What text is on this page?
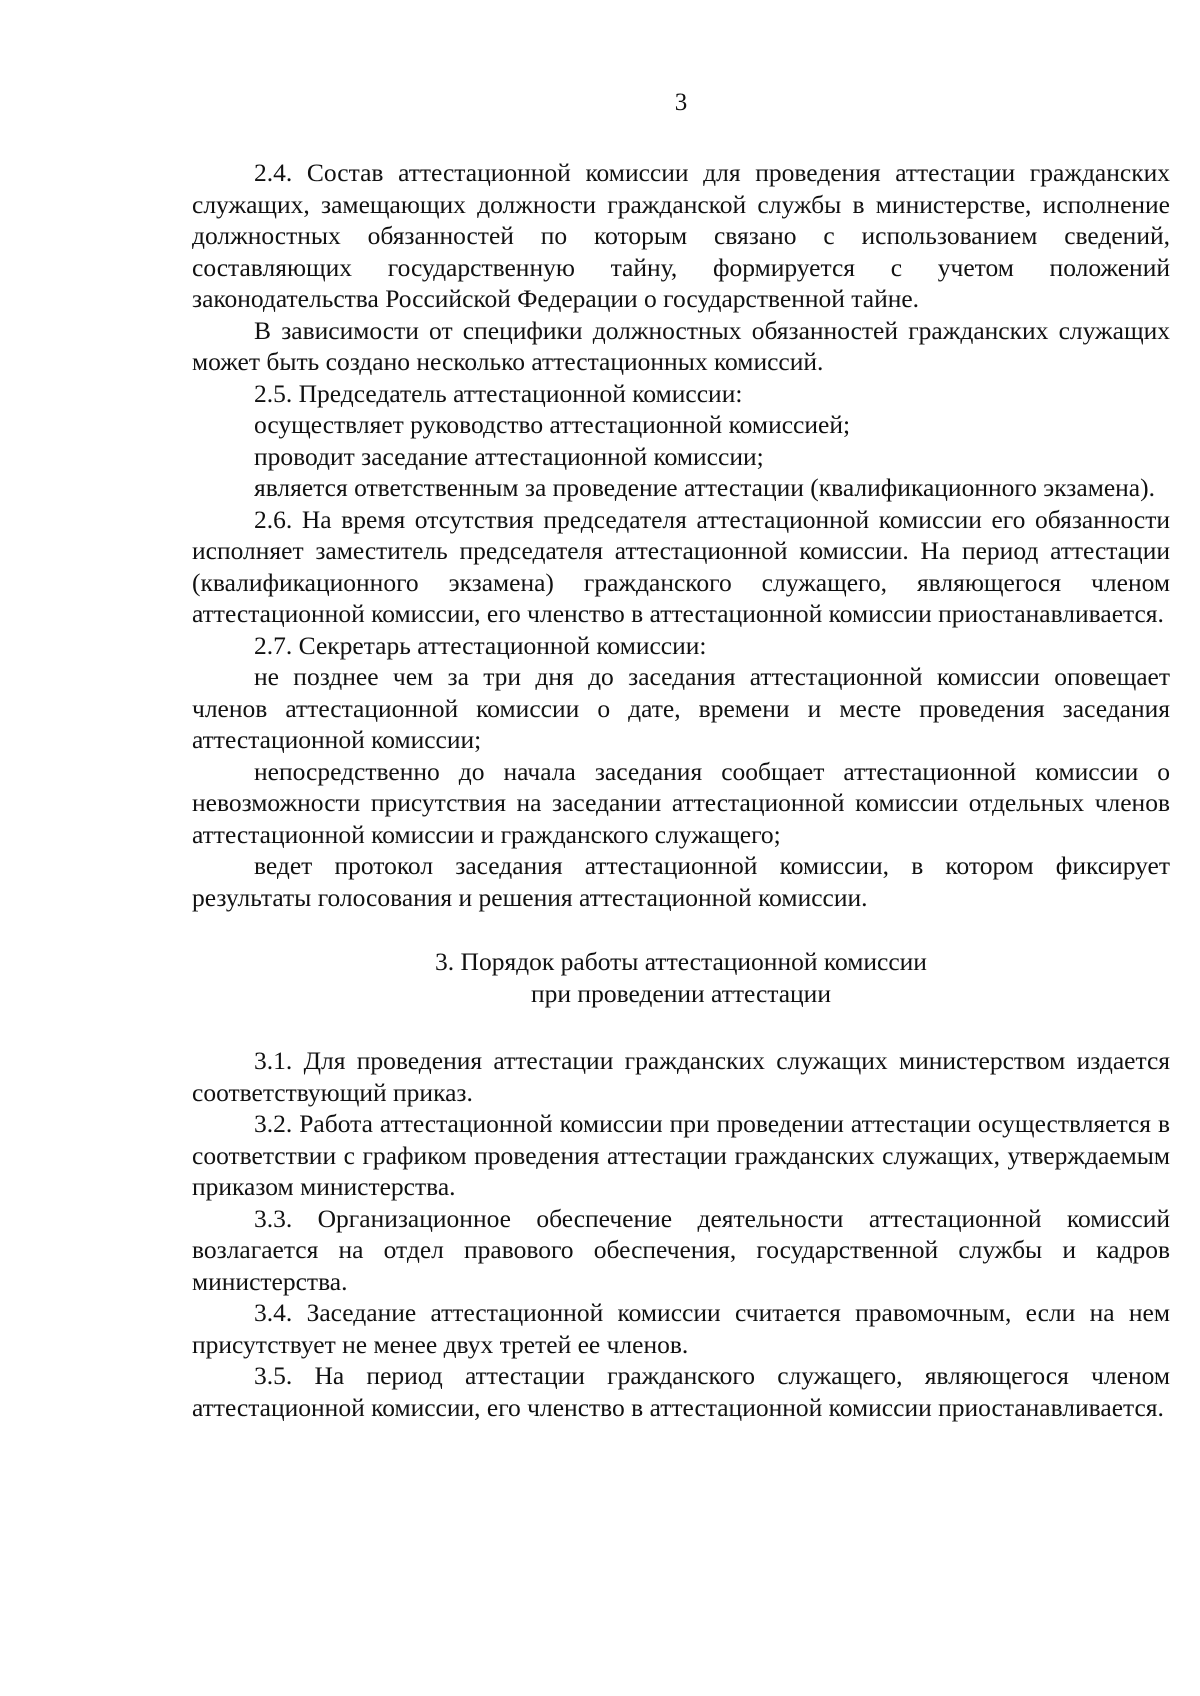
3

2.4. Состав аттестационной комиссии для проведения аттестации гражданских служащих, замещающих должности гражданской службы в министерстве, исполнение должностных обязанностей по которым связано с использованием сведений, составляющих государственную тайну, формируется с учетом положений законодательства Российской Федерации о государственной тайне.

В зависимости от специфики должностных обязанностей гражданских служащих может быть создано несколько аттестационных комиссий.

2.5. Председатель аттестационной комиссии:

осуществляет руководство аттестационной комиссией;

проводит заседание аттестационной комиссии;

является ответственным за проведение аттестации (квалификационного экзамена).

2.6. На время отсутствия председателя аттестационной комиссии его обязанности исполняет заместитель председателя аттестационной комиссии. На период аттестации (квалификационного экзамена) гражданского служащего, являющегося членом аттестационной комиссии, его членство в аттестационной комиссии приостанавливается.

2.7. Секретарь аттестационной комиссии:

не позднее чем за три дня до заседания аттестационной комиссии оповещает членов аттестационной комиссии о дате, времени и месте проведения заседания аттестационной комиссии;

непосредственно до начала заседания сообщает аттестационной комиссии о невозможности присутствия на заседании аттестационной комиссии отдельных членов аттестационной комиссии и гражданского служащего;

ведет протокол заседания аттестационной комиссии, в котором фиксирует результаты голосования и решения аттестационной комиссии.

3. Порядок работы аттестационной комиссии
при проведении аттестации

3.1. Для проведения аттестации гражданских служащих министерством издается соответствующий приказ.

3.2. Работа аттестационной комиссии при проведении аттестации осуществляется в соответствии с графиком проведения аттестации гражданских служащих, утверждаемым приказом министерства.

3.3. Организационное обеспечение деятельности аттестационной комиссий возлагается на отдел правового обеспечения, государственной службы и кадров министерства.

3.4. Заседание аттестационной комиссии считается правомочным, если на нем присутствует не менее двух третей ее членов.

3.5. На период аттестации гражданского служащего, являющегося членом аттестационной комиссии, его членство в аттестационной комиссии приостанавливается.
